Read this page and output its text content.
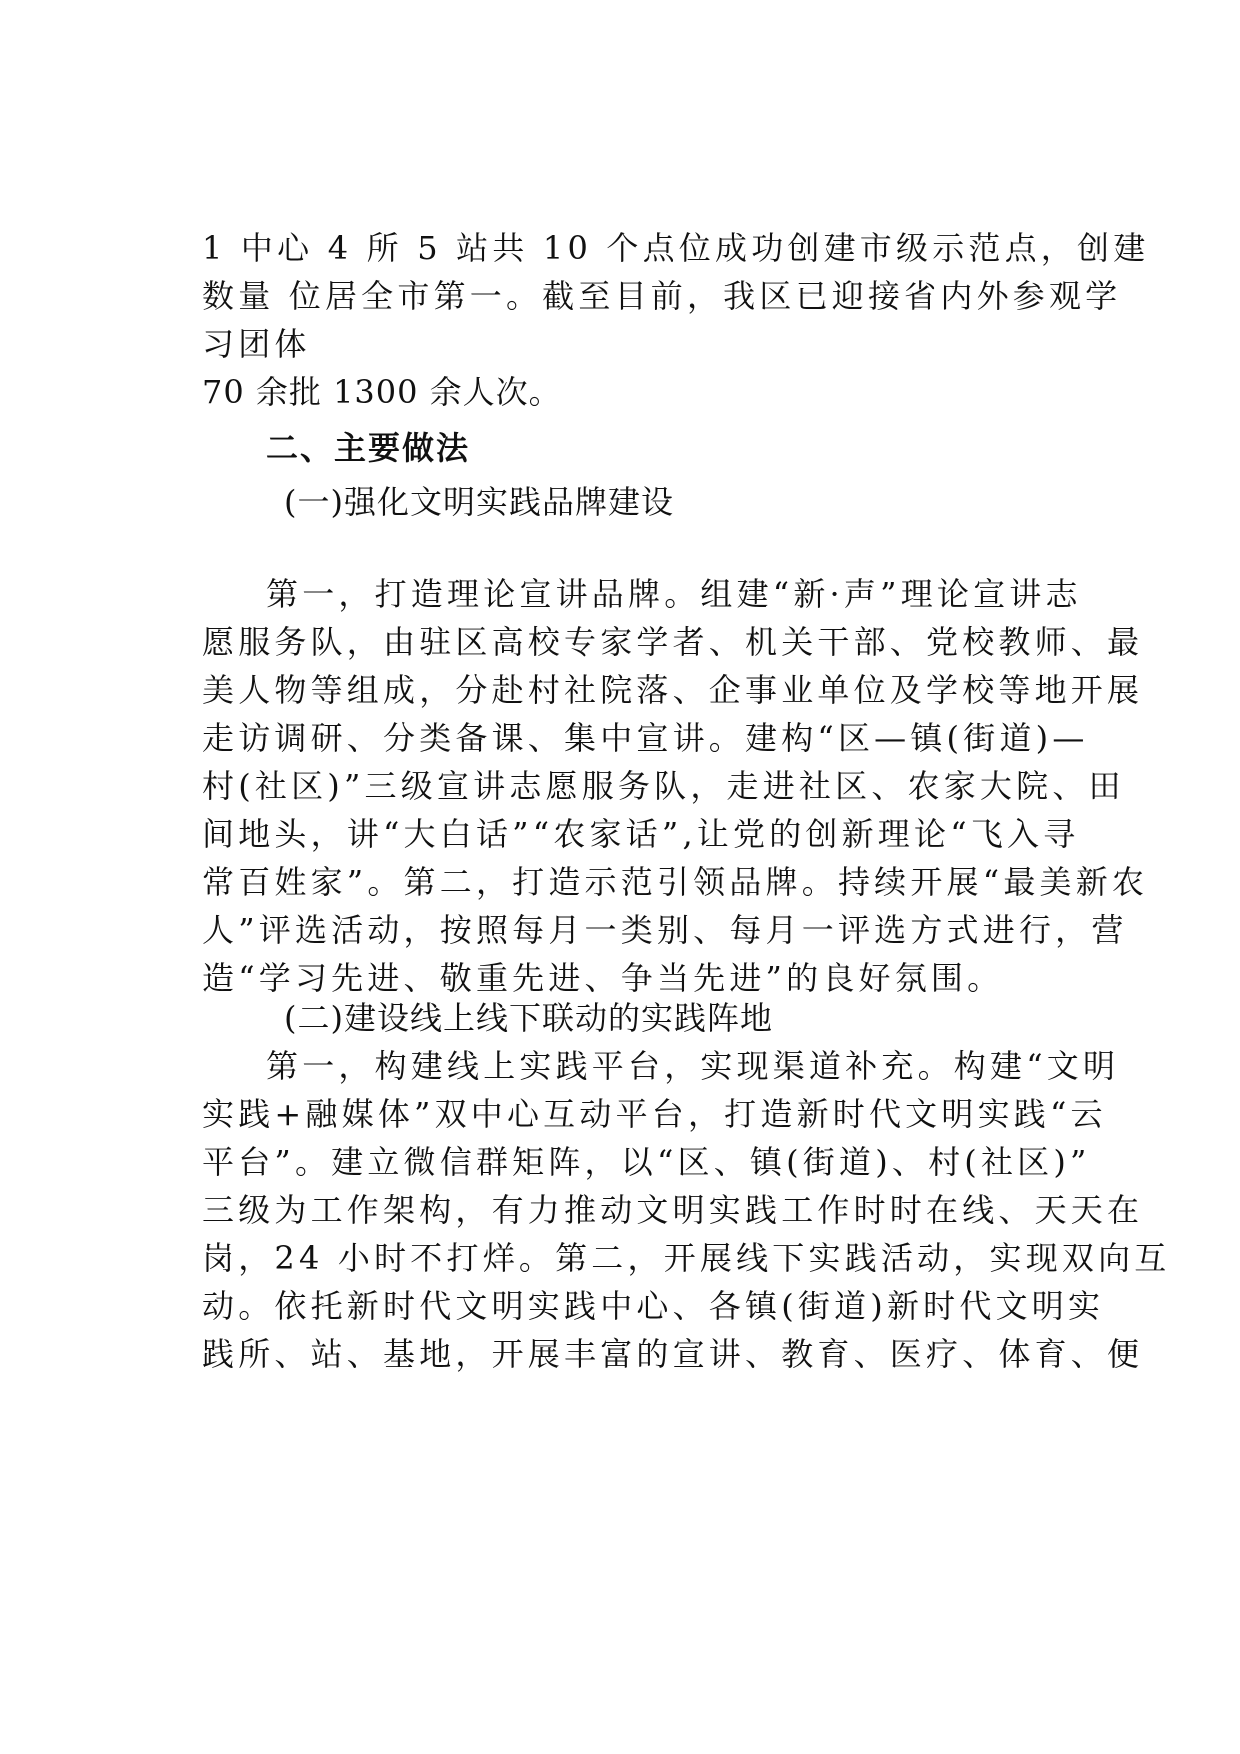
1 中心 4 所 5 站共 10 个点位成功创建市级示范点，创建
数量 位居全市第一。截至目前，我区已迎接省内外参观学
习团体
70 余批 1300 余人次。
二、主要做法
(一)强化文明实践品牌建设
第一，打造理论宣讲品牌。组建“新·声”理论宣讲志
愿服务队，由驻区高校专家学者、机关干部、党校教师、最
美人物等组成，分赴村社院落、企事业单位及学校等地开展
走访调研、分类备课、集中宣讲。建构“区—镇(街道)—
村(社区)”三级宣讲志愿服务队，走进社区、农家大院、田
间地头，讲“大白话”“农家话”,让党的创新理论“飞入寻
常百姓家”。第二，打造示范引领品牌。持续开展“最美新农
人”评选活动，按照每月一类别、每月一评选方式进行，营
造“学习先进、敬重先进、争当先进”的良好氛围。
(二)建设线上线下联动的实践阵地
第一，构建线上实践平台，实现渠道补充。构建“文明
实践+融媒体”双中心互动平台，打造新时代文明实践“云
平台”。建立微信群矩阵，以“区、镇(街道)、村(社区)”
三级为工作架构，有力推动文明实践工作时时在线、天天在
岗，24 小时不打烊。第二，开展线下实践活动，实现双向互
动。依托新时代文明实践中心、各镇(街道)新时代文明实
践所、站、基地，开展丰富的宣讲、教育、医疗、体育、便
